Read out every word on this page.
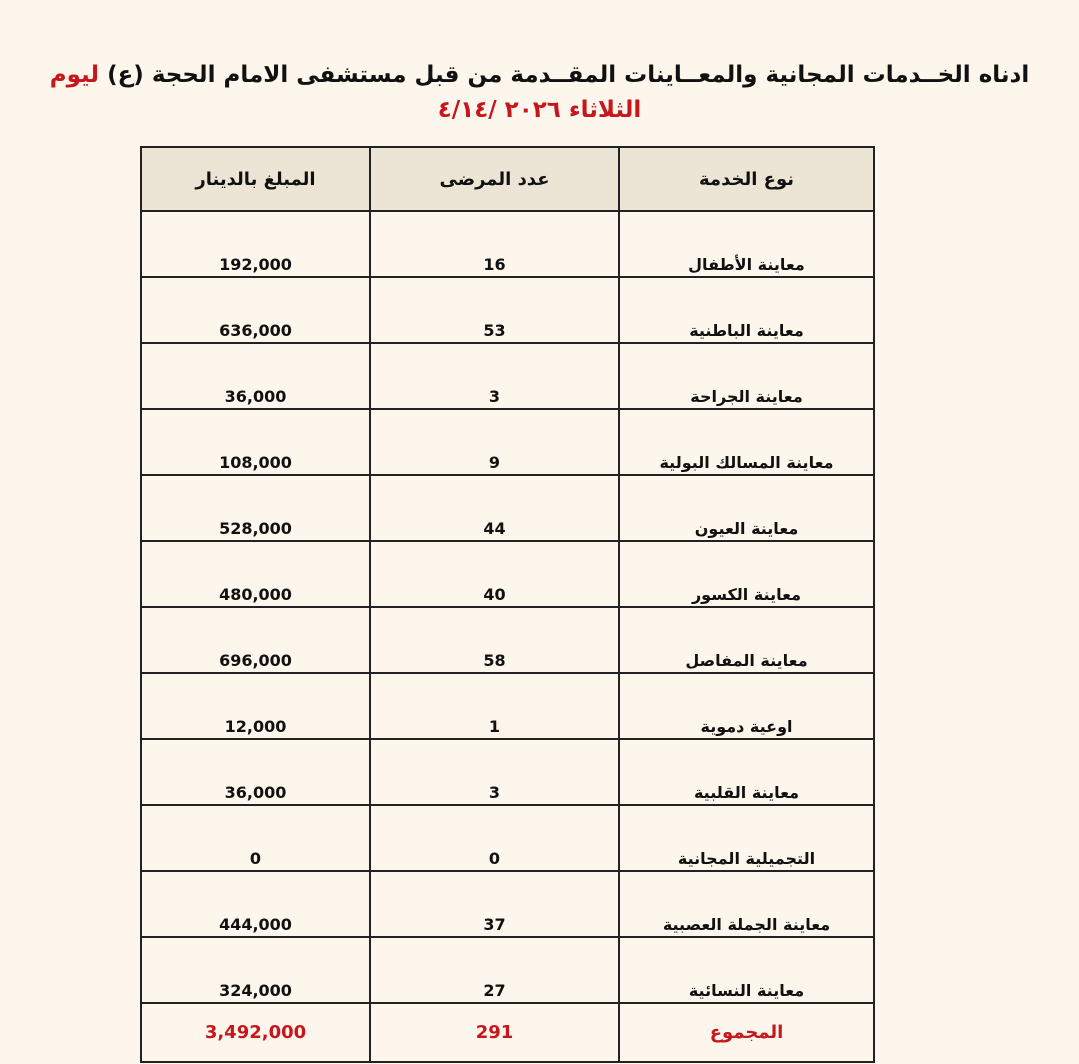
ادناه الخــدمات المجانية والمعــاينات المقــدمة من قبل مستشفى الامام الحجة (ع) ليوم
الثلاثاء ٢٠٢٦ /٤/١٤
المبلغ بالدينار	عدد المرضى	نوع الخدمة
192,000	16	معاينة الأطفال
636,000	53	معاينة الباطنية
36,000	3	معاينة الجراحة
108,000	9	معاينة المسالك البولية
528,000	44	معاينة العيون
480,000	40	معاينة الكسور
696,000	58	معاينة المفاصل
12,000	1	اوعية دموية
36,000	3	معاينة القلبية
0	0	التجميلية المجانية
444,000	37	معاينة الجملة العصبية
324,000	27	معاينة النسائية
3,492,000	291	المجموع
